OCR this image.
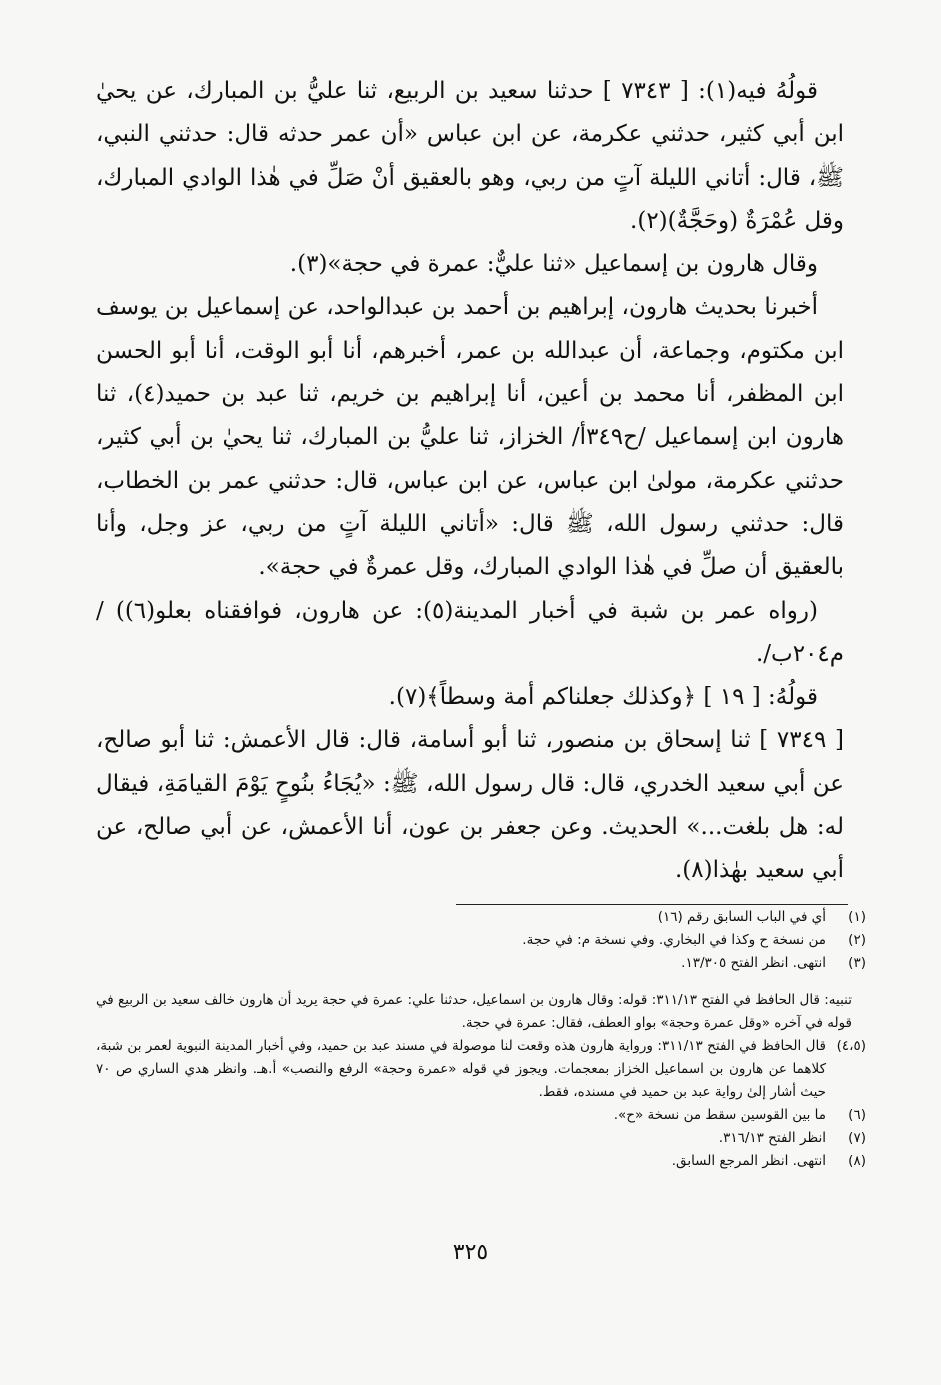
قولُهُ فيه(١): [ ٧٣٤٣ ] حدثنا سعيد بن الربيع، ثنا عليُّ بن المبارك، عن يحيٰ ابن أبي كثير، حدثني عكرمة، عن ابن عباس «أن عمر حدثه قال: حدثني النبي، ﷺ، قال: أتاني الليلة آتٍ من ربي، وهو بالعقيق أنْ صَلِّ في هٰذا الوادي المبارك، وقل عُمْرَةٌ (وحَجَّةٌ)(٢).

وقال هارون بن إسماعيل «ثنا عليٌّ: عمرة في حجة»(٣).

أخبرنا بحديث هارون، إبراهيم بن أحمد بن عبدالواحد، عن إسماعيل بن يوسف ابن مكتوم، وجماعة، أن عبدالله بن عمر، أخبرهم، أنا أبو الوقت، أنا أبو الحسن ابن المظفر، أنا محمد بن أعين، أنا إبراهيم بن خريم، ثنا عبد بن حميد(٤)، ثنا هارون ابن إسماعيل /ح٣٤٩أ/ الخزاز، ثنا عليُّ بن المبارك، ثنا يحيٰ بن أبي كثير، حدثني عكرمة، مولىٰ ابن عباس، عن ابن عباس، قال: حدثني عمر بن الخطاب، قال: حدثني رسول الله، ﷺ قال: «أتاني الليلة آتٍ من ربي، عز وجل، وأنا بالعقيق أن صلِّ في هٰذا الوادي المبارك، وقل عمرةٌ في حجة».

(رواه عمر بن شبة في أخبار المدينة(٥): عن هارون، فوافقناه بعلو(٦)) /م٢٠٤ب/.

قولُهُ: [ ١٩ ] ﴿وكذلك جعلناكم أمة وسطاً﴾(٧).

[ ٧٣٤٩ ] ثنا إسحاق بن منصور، ثنا أبو أسامة، قال: قال الأعمش: ثنا أبو صالح، عن أبي سعيد الخدري، قال: قال رسول الله، ﷺ: «يُجَاءُ بنُوحٍ يَوْمَ القيامَةِ، فيقال له: هل بلغت...» الحديث. وعن جعفر بن عون، أنا الأعمش، عن أبي صالح، عن أبي سعيد بهٰذا(٨).

(١)
أي في الباب السابق رقم (١٦)
(٢)
من نسخة ح وكذا في البخاري. وفي نسخة م: في حجة.
(٣)
انتهى. انظر الفتح ١٣/٣٠٥.
تنبيه: قال الحافظ في الفتح ٣١١/١٣: قوله: وقال هارون بن اسماعيل، حدثنا علي: عمرة في حجة يريد أن هارون خالف سعيد بن الربيع في قوله في آخره «وقل عمرة وحجة» بواو العطف، فقال: عمرة في حجة.
(٤،٥)
قال الحافظ في الفتح ٣١١/١٣: ورواية هارون هذه وقعت لنا موصولة في مسند عبد بن حميد، وفي أخبار المدينة النبوية لعمر بن شبة، كلاهما عن هارون بن اسماعيل الخزاز بمعجمات. ويجوز في قوله «عمرة وحجة» الرفع والنصب» أ.هـ. وانظر هدي الساري ص ٧٠ حيث أشار إلىٰ رواية عبد بن حميد في مسنده، فقط.
(٦)
ما بين القوسين سقط من نسخة «ح».
(٧)
انظر الفتح ٣١٦/١٣.
(٨)
انتهى. انظر المرجع السابق.
٣٢٥
